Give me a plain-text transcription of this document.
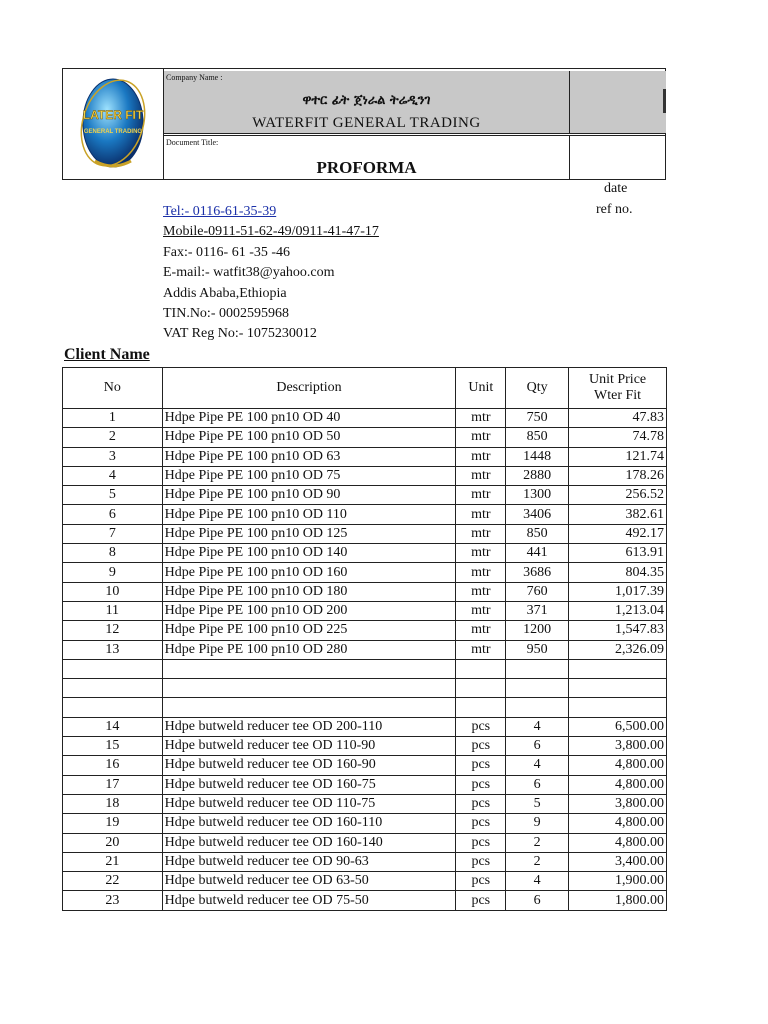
LATER FIT
GENERAL TRADING
Company Name :
ዋተር ፊት ጀነራል ትሬዲንገ
WATERFIT GENERAL TRADING
Document Title:
PROFORMA
date
ref no.
Tel:- 0116-61-35-39
Mobile-0911-51-62-49/0911-41-47-17
Fax:- 0116- 61 -35 -46
E-mail:- watfit38@yahoo.com
Addis Ababa,Ethiopia
TIN.No:- 0002595968
VAT Reg No:- 1075230012
Client Name
No	Description	Unit	Qty	Unit Price
Wter Fit
1	Hdpe Pipe PE 100 pn10 OD 40	mtr	750	47.83
2	Hdpe Pipe PE 100 pn10 OD 50	mtr	850	74.78
3	Hdpe Pipe PE 100 pn10 OD 63	mtr	1448	121.74
4	Hdpe Pipe PE 100 pn10 OD 75	mtr	2880	178.26
5	Hdpe Pipe PE 100 pn10 OD 90	mtr	1300	256.52
6	Hdpe Pipe PE 100 pn10 OD 110	mtr	3406	382.61
7	Hdpe Pipe PE 100 pn10 OD 125	mtr	850	492.17
8	Hdpe Pipe PE 100 pn10 OD 140	mtr	441	613.91
9	Hdpe Pipe PE 100 pn10 OD 160	mtr	3686	804.35
10	Hdpe Pipe PE 100 pn10 OD 180	mtr	760	1,017.39
11	Hdpe Pipe PE 100 pn10 OD 200	mtr	371	1,213.04
12	Hdpe Pipe PE 100 pn10 OD 225	mtr	1200	1,547.83
13	Hdpe Pipe PE 100 pn10 OD 280	mtr	950	2,326.09

14	Hdpe butweld reducer tee OD 200-110	pcs	4	6,500.00
15	Hdpe butweld reducer tee OD 110-90	pcs	6	3,800.00
16	Hdpe butweld reducer tee OD 160-90	pcs	4	4,800.00
17	Hdpe butweld reducer tee OD 160-75	pcs	6	4,800.00
18	Hdpe butweld reducer tee OD 110-75	pcs	5	3,800.00
19	Hdpe butweld reducer tee OD 160-110	pcs	9	4,800.00
20	Hdpe butweld reducer tee OD 160-140	pcs	2	4,800.00
21	Hdpe butweld reducer tee OD 90-63	pcs	2	3,400.00
22	Hdpe butweld reducer tee OD 63-50	pcs	4	1,900.00
23	Hdpe butweld reducer tee OD 75-50	pcs	6	1,800.00
